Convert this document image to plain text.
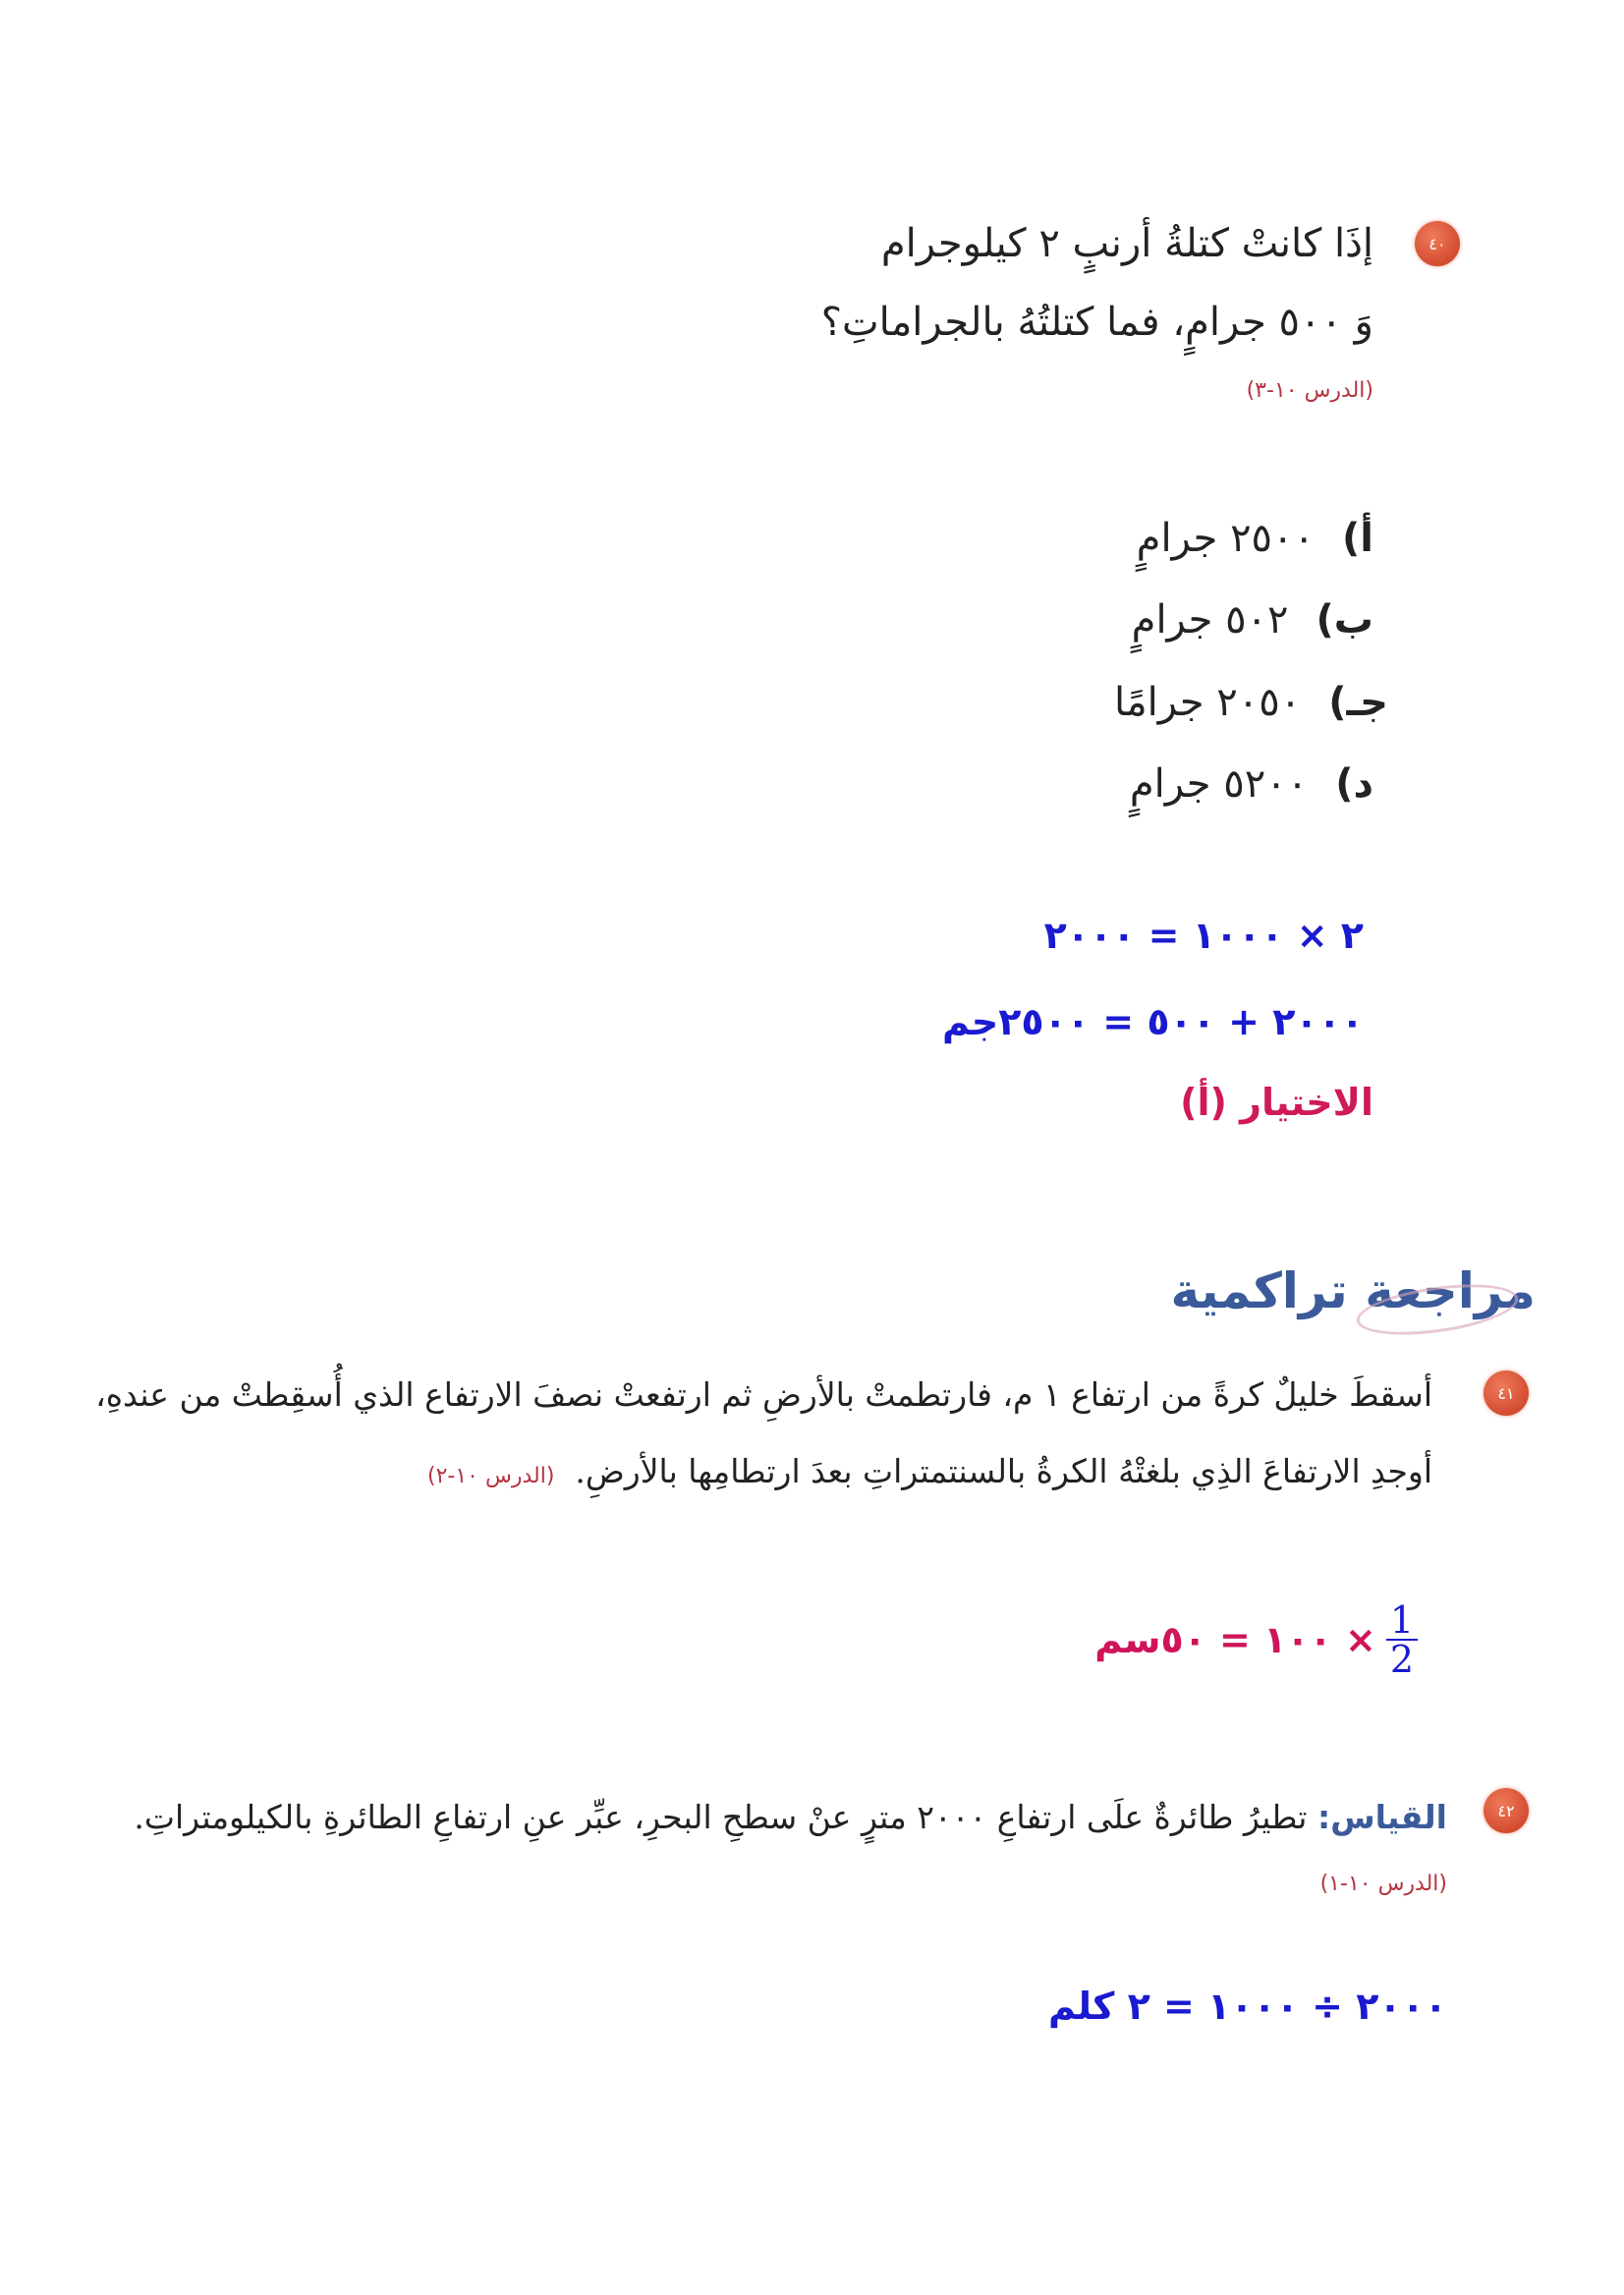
٤٠
إذَا كانتْ كتلةُ أرنبٍ ٢ كيلوجرام
وَ ٥٠٠ جرامٍ، فما كتلتُهُ بالجراماتِ؟
(الدرس ١٠-٣)
أ)٢٥٠٠ جرامٍ
ب)٥٠٢ جرامٍ
جـ)٢٠٥٠ جرامًا
د)٥٢٠٠ جرامٍ
٢ × ١٠٠٠ = ٢٠٠٠
٢٠٠٠ + ٥٠٠ = ٢٥٠٠جم
الاختيار (أ)
مراجعة تراكمية
٤١
أسقطَ خليلٌ كرةً من ارتفاع ١ م، فارتطمتْ بالأرضِ ثم ارتفعتْ نصفَ الارتفاع الذي أُسقِطتْ من عندهِ،
أوجدِ الارتفاعَ الذِي بلغتْهُ الكرةُ بالسنتمتراتِ بعدَ ارتطامِها بالأرضِ.  (الدرس ١٠-٢)
$\frac{1}{2}$
× ١٠٠ = ٥٠سم
٤٢
القياس: تطيرُ طائرةٌ علَى ارتفاعِ ٢٠٠٠ مترٍ عنْ سطحِ البحرِ، عبِّر عنِ ارتفاعِ الطائرةِ بالكيلومتراتِ.
(الدرس ١٠-١)
٢٠٠٠ ÷ ١٠٠٠ = ٢ كلم
